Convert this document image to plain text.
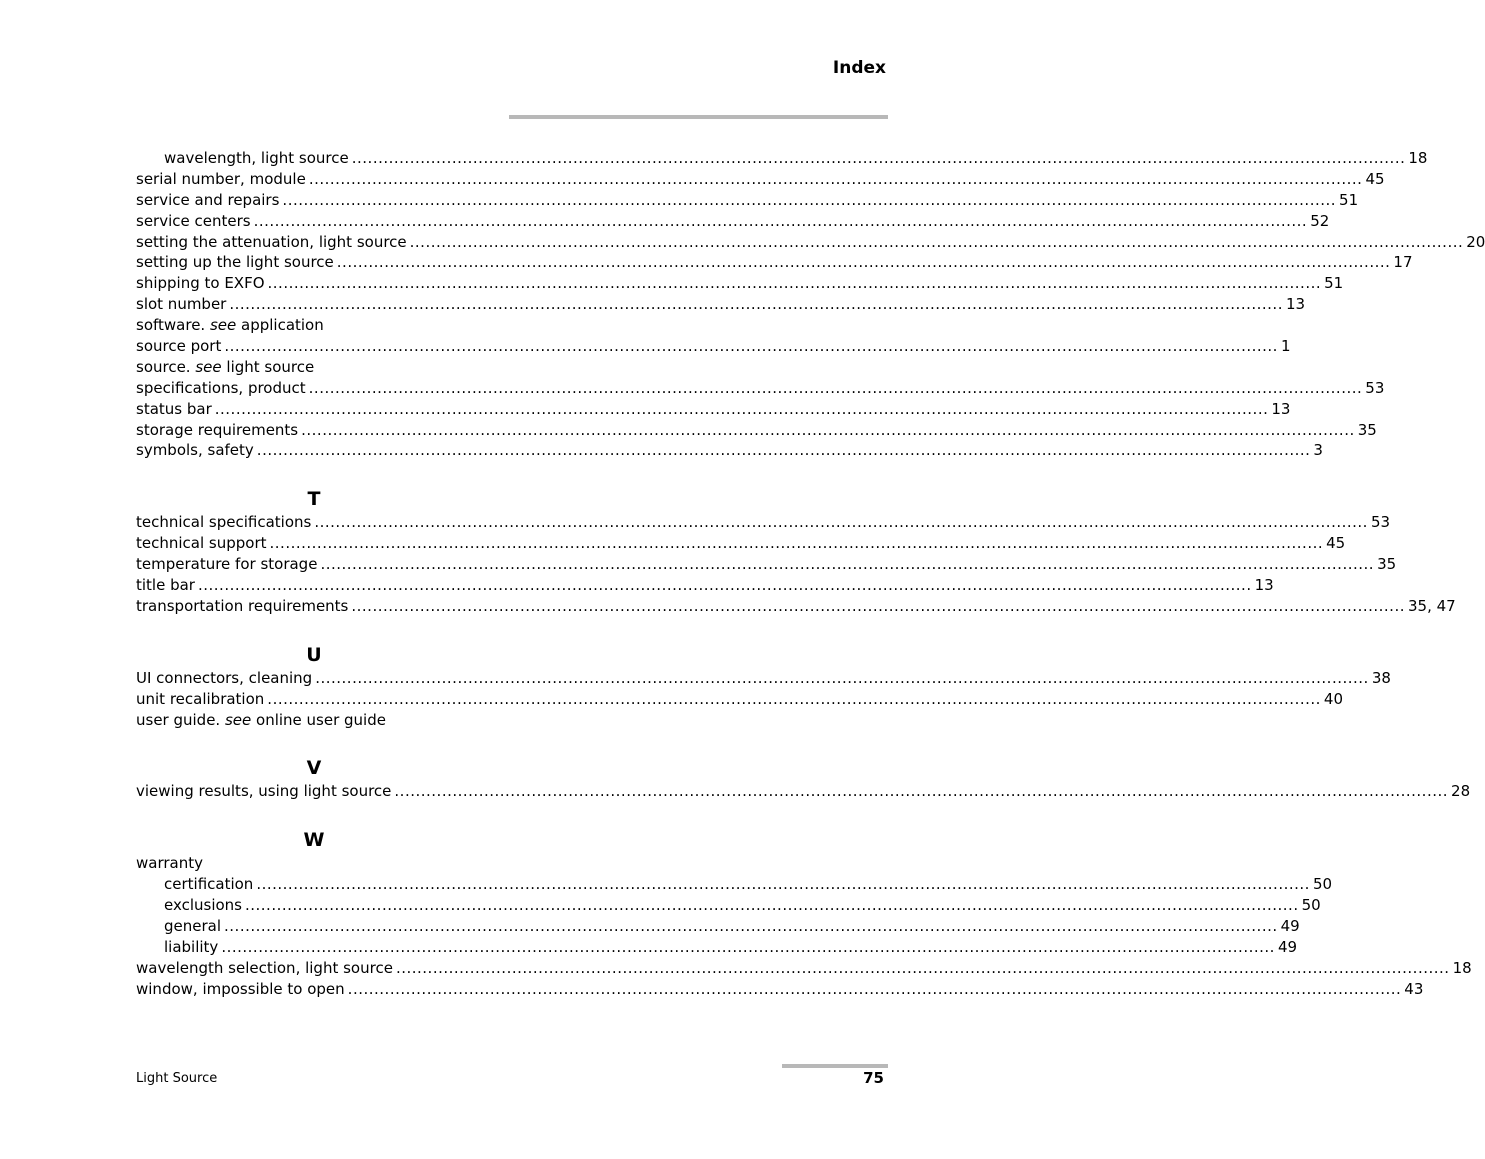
Index
wavelength, light source ........................................................................................................................................................................................................ 18
serial number, module ........................................................................................................................................................................................................ 45
service and repairs ........................................................................................................................................................................................................ 51
service centers ........................................................................................................................................................................................................ 52
setting the attenuation, light source ........................................................................................................................................................................................................ 20
setting up the light source ........................................................................................................................................................................................................ 17
shipping to EXFO ........................................................................................................................................................................................................ 51
slot number ........................................................................................................................................................................................................ 13
software. see application
source port ........................................................................................................................................................................................................ 1
source. see light source
specifications, product ........................................................................................................................................................................................................ 53
status bar ........................................................................................................................................................................................................ 13
storage requirements ........................................................................................................................................................................................................ 35
symbols, safety ........................................................................................................................................................................................................ 3
T
technical specifications ........................................................................................................................................................................................................ 53
technical support ........................................................................................................................................................................................................ 45
temperature for storage ........................................................................................................................................................................................................ 35
title bar ........................................................................................................................................................................................................ 13
transportation requirements ........................................................................................................................................................................................................ 35, 47
U
UI connectors, cleaning ........................................................................................................................................................................................................ 38
unit recalibration ........................................................................................................................................................................................................ 40
user guide. see online user guide
V
viewing results, using light source ........................................................................................................................................................................................................ 28
W
warranty
certification ........................................................................................................................................................................................................ 50
exclusions ........................................................................................................................................................................................................ 50
general ........................................................................................................................................................................................................ 49
liability ........................................................................................................................................................................................................ 49
wavelength selection, light source ........................................................................................................................................................................................................ 18
window, impossible to open ........................................................................................................................................................................................................ 43
Light Source	75
